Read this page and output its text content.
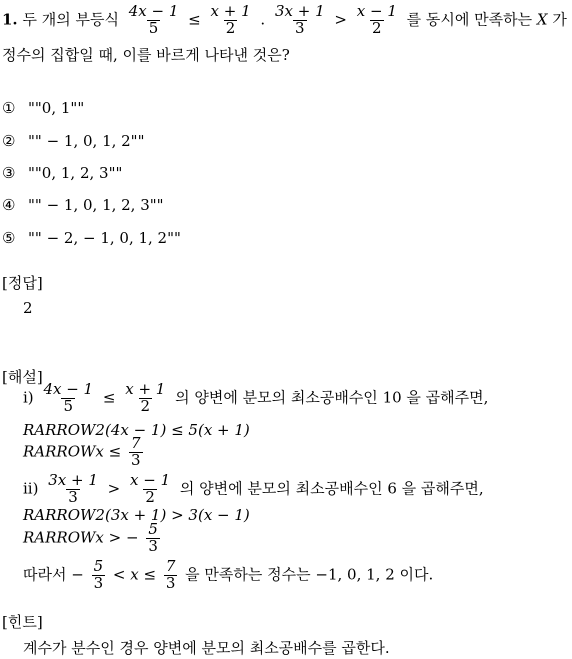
1. 두 개의 부등식 $\frac{4x - 1}{5} \le \frac{x + 1}{2}$ . $\frac{3x + 1}{3} > \frac{x - 1}{2}$ 를 동시에 만족하는 X 가
정수의 집합일 때, 이를 바르게 나타낸 것은?
① ""0, 1""
② "" − 1, 0, 1, 2""
③ ""0, 1, 2, 3""
④ "" − 1, 0, 1, 2, 3""
⑤ "" − 2, − 1, 0, 1, 2""
[정답]
2
[해설]
$i) \frac{4x - 1}{5} \le \frac{x + 1}{2}$ 의 양변에 분모의 최소공배수인 10 을 곱해주면,
RARROW2(4x − 1) ≤ 5(x + 1)
RARROWx ≤ $\frac{7}{3}$
$ii) \frac{3x + 1}{3} > \frac{x - 1}{2}$ 의 양변에 분모의 최소공배수인 6 을 곱해주면,
RARROW2(3x + 1) > 3(x − 1)
RARROWx > − $\frac{5}{3}$
따라서 − $\frac{5}{3} < x \le \frac{7}{3}$ 을 만족하는 정수는 −1, 0, 1, 2 이다.
[힌트]
계수가 분수인 경우 양변에 분모의 최소공배수를 곱한다.
